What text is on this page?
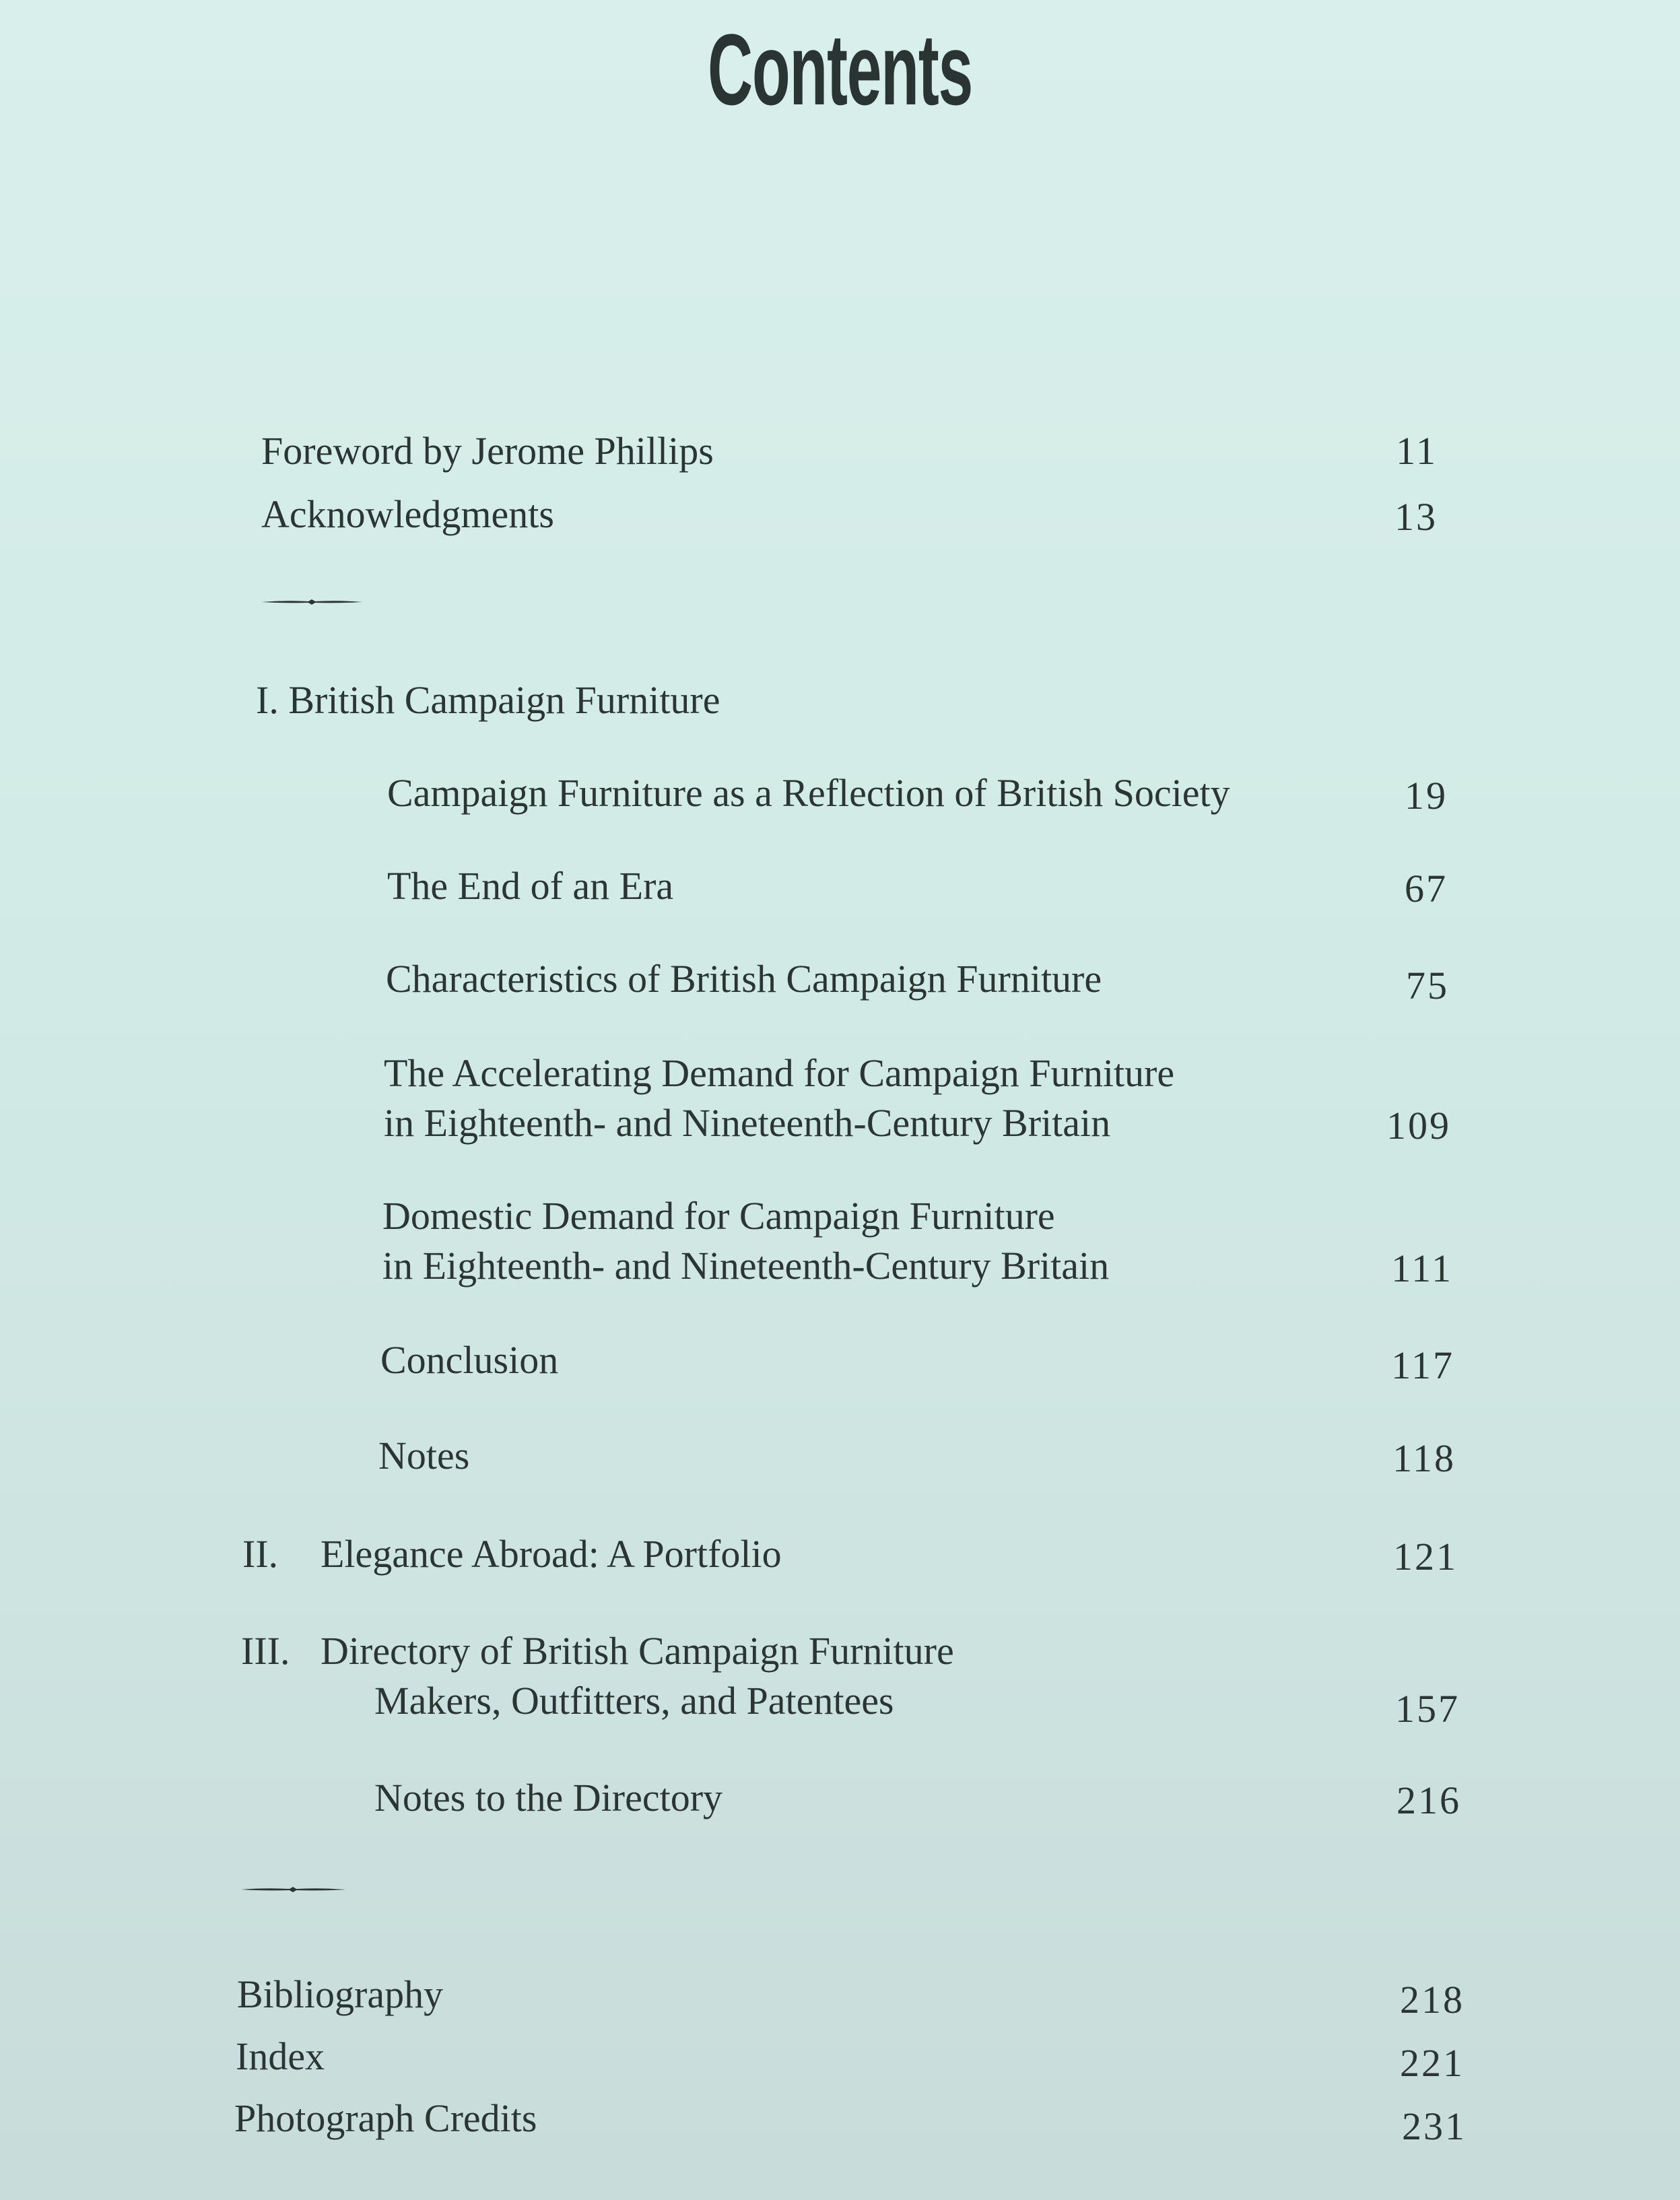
Contents
Foreword by Jerome Phillips	11
Acknowledgments	13
I. British Campaign Furniture
Campaign Furniture as a Reflection of British Society	19
The End of an Era	67
Characteristics of British Campaign Furniture	75
The Accelerating Demand for Campaign Furniture
in Eighteenth- and Nineteenth-Century Britain	109
Domestic Demand for Campaign Furniture
in Eighteenth- and Nineteenth-Century Britain	111
Conclusion	117
Notes	118
II. Elegance Abroad: A Portfolio	121
III. Directory of British Campaign Furniture
Makers, Outfitters, and Patentees	157
Notes to the Directory	216
Bibliography	218
Index	221
Photograph Credits	231
